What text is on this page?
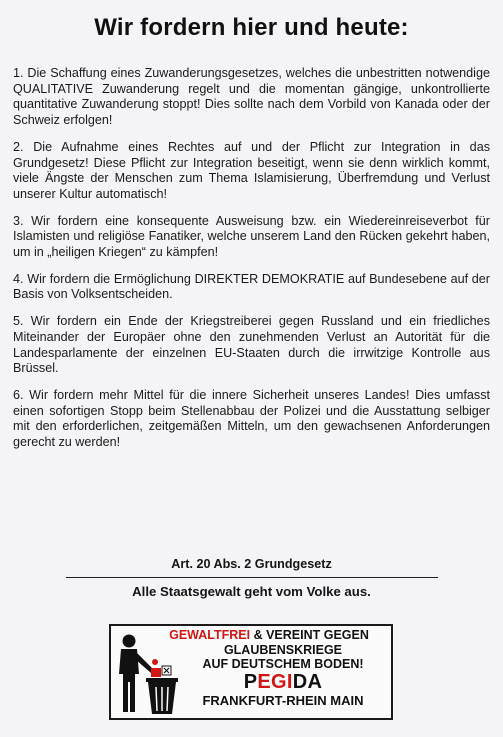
Wir fordern hier und heute:

1. Die Schaffung eines Zuwanderungsgesetzes, welches die unbestritten notwendige QUALITATIVE Zuwanderung regelt und die momentan gängige, unkontrollierte quantitative Zuwanderung stoppt! Dies sollte nach dem Vorbild von Kanada oder der Schweiz erfolgen!

2. Die Aufnahme eines Rechtes auf und der Pflicht zur Integration in das Grundgesetz! Diese Pflicht zur Integration beseitigt, wenn sie denn wirklich kommt, viele Ängste der Menschen zum Thema Islamisierung, Überfremdung und Verlust unserer Kultur automatisch!

3. Wir fordern eine konsequente Ausweisung bzw. ein Wiedereinreiseverbot für Islamisten und religiöse Fanatiker, welche unserem Land den Rücken gekehrt haben, um in „heiligen Kriegen“ zu kämpfen!

4. Wir fordern die Ermöglichung DIREKTER DEMOKRATIE auf Bundesebene auf der Basis von Volksentscheiden.

5. Wir fordern ein Ende der Kriegstreiberei gegen Russland und ein friedliches Miteinander der Europäer ohne den zunehmenden Verlust an Autorität für die Landesparlamente der einzelnen EU-Staaten durch die irrwitzige Kontrolle aus Brüssel.

6. Wir fordern mehr Mittel für die innere Sicherheit unseres Landes! Dies umfasst einen sofortigen Stopp beim Stellenabbau der Polizei und die Ausstattung selbiger mit den erforderlichen, zeitgemäßen Mitteln, um den gewachsenen Anforderungen gerecht zu werden!

Art. 20 Abs. 2 Grundgesetz
Alle Staatsgewalt geht vom Volke aus.
GEWALTFREI & VEREINT GEGEN
GLAUBENSKRIEGE
AUF DEUTSCHEM BODEN!
PEGIDA
FRANKFURT-RHEIN MAIN
